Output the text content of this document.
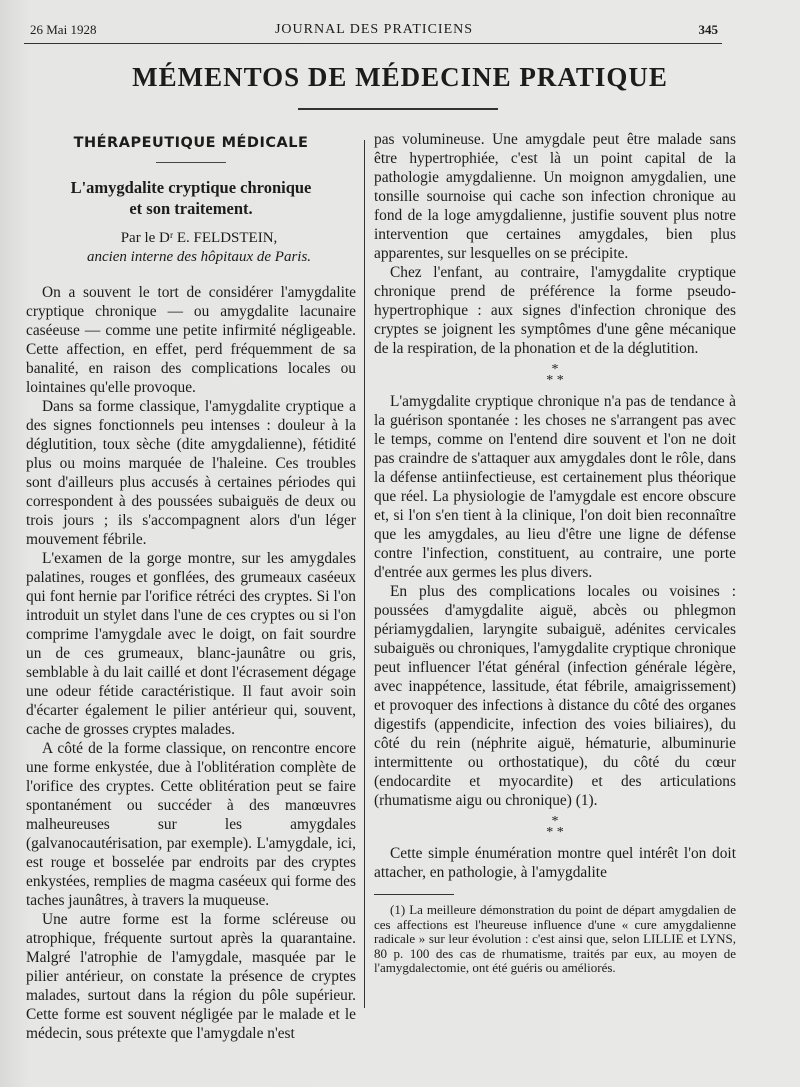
26 Mai 1928	JOURNAL DES PRATICIENS	345
MÉMENTOS DE MÉDECINE PRATIQUE
THÉRAPEUTIQUE MÉDICALE
L'amygdalite cryptique chronique
et son traitement.

Par le Dʳ E. FELDSTEIN,

ancien interne des hôpitaux de Paris.

On a souvent le tort de considérer l'amygdalite cryptique chronique — ou amygdalite lacunaire caséeuse — comme une petite infirmité négligeable. Cette affection, en effet, perd fréquemment de sa banalité, en raison des complications locales ou lointaines qu'elle provoque.

Dans sa forme classique, l'amygdalite cryptique a des signes fonctionnels peu intenses : douleur à la déglutition, toux sèche (dite amygdalienne), fétidité plus ou moins marquée de l'haleine. Ces troubles sont d'ailleurs plus accusés à certaines périodes qui correspondent à des poussées subaiguës de deux ou trois jours ; ils s'accompagnent alors d'un léger mouvement fébrile.

L'examen de la gorge montre, sur les amygdales palatines, rouges et gonflées, des grumeaux caséeux qui font hernie par l'orifice rétréci des cryptes. Si l'on introduit un stylet dans l'une de ces cryptes ou si l'on comprime l'amygdale avec le doigt, on fait sourdre un de ces grumeaux, blanc-jaunâtre ou gris, semblable à du lait caillé et dont l'écrasement dégage une odeur fétide caractéristique. Il faut avoir soin d'écarter également le pilier antérieur qui, souvent, cache de grosses cryptes malades.

A côté de la forme classique, on rencontre encore une forme enkystée, due à l'oblitération complète de l'orifice des cryptes. Cette oblitération peut se faire spontanément ou succéder à des manœuvres malheureuses sur les amygdales (galvanocautérisation, par exemple). L'amygdale, ici, est rouge et bosselée par endroits par des cryptes enkystées, remplies de magma caséeux qui forme des taches jaunâtres, à travers la muqueuse.

Une autre forme est la forme scléreuse ou atrophique, fréquente surtout après la quarantaine. Malgré l'atrophie de l'amygdale, masquée par le pilier antérieur, on constate la présence de cryptes malades, surtout dans la région du pôle supérieur. Cette forme est souvent négligée par le malade et le médecin, sous prétexte que l'amygdale n'est

pas volumineuse. Une amygdale peut être malade sans être hypertrophiée, c'est là un point capital de la pathologie amygdalienne. Un moignon amygdalien, une tonsille sournoise qui cache son infection chronique au fond de la loge amygdalienne, justifie souvent plus notre intervention que certaines amygdales, bien plus apparentes, sur lesquelles on se précipite.

Chez l'enfant, au contraire, l'amygdalite cryptique chronique prend de préférence la forme pseudo-hypertrophique : aux signes d'infection chronique des cryptes se joignent les symptômes d'une gêne mécanique de la respiration, de la phonation et de la déglutition.

*
* *

L'amygdalite cryptique chronique n'a pas de tendance à la guérison spontanée : les choses ne s'arrangent pas avec le temps, comme on l'entend dire souvent et l'on ne doit pas craindre de s'attaquer aux amygdales dont le rôle, dans la défense antiinfectieuse, est certainement plus théorique que réel. La physiologie de l'amygdale est encore obscure et, si l'on s'en tient à la clinique, l'on doit bien reconnaître que les amygdales, au lieu d'être une ligne de défense contre l'infection, constituent, au contraire, une porte d'entrée aux germes les plus divers.

En plus des complications locales ou voisines : poussées d'amygdalite aiguë, abcès ou phlegmon périamygdalien, laryngite subaiguë, adénites cervicales subaiguës ou chroniques, l'amygdalite cryptique chronique peut influencer l'état général (infection générale légère, avec inappétence, lassitude, état fébrile, amaigrissement) et provoquer des infections à distance du côté des organes digestifs (appendicite, infection des voies biliaires), du côté du rein (néphrite aiguë, hématurie, albuminurie intermittente ou orthostatique), du côté du cœur (endocardite et myocardite) et des articulations (rhumatisme aigu ou chronique) (1).

*
* *

Cette simple énumération montre quel intérêt l'on doit attacher, en pathologie, à l'amygdalite

(1) La meilleure démonstration du point de départ amygdalien de ces affections est l'heureuse influence d'une « cure amygdalienne radicale » sur leur évolution : c'est ainsi que, selon LILLIE et LYNS, 80 p. 100 des cas de rhumatisme, traités par eux, au moyen de l'amygdalectomie, ont été guéris ou améliorés.
